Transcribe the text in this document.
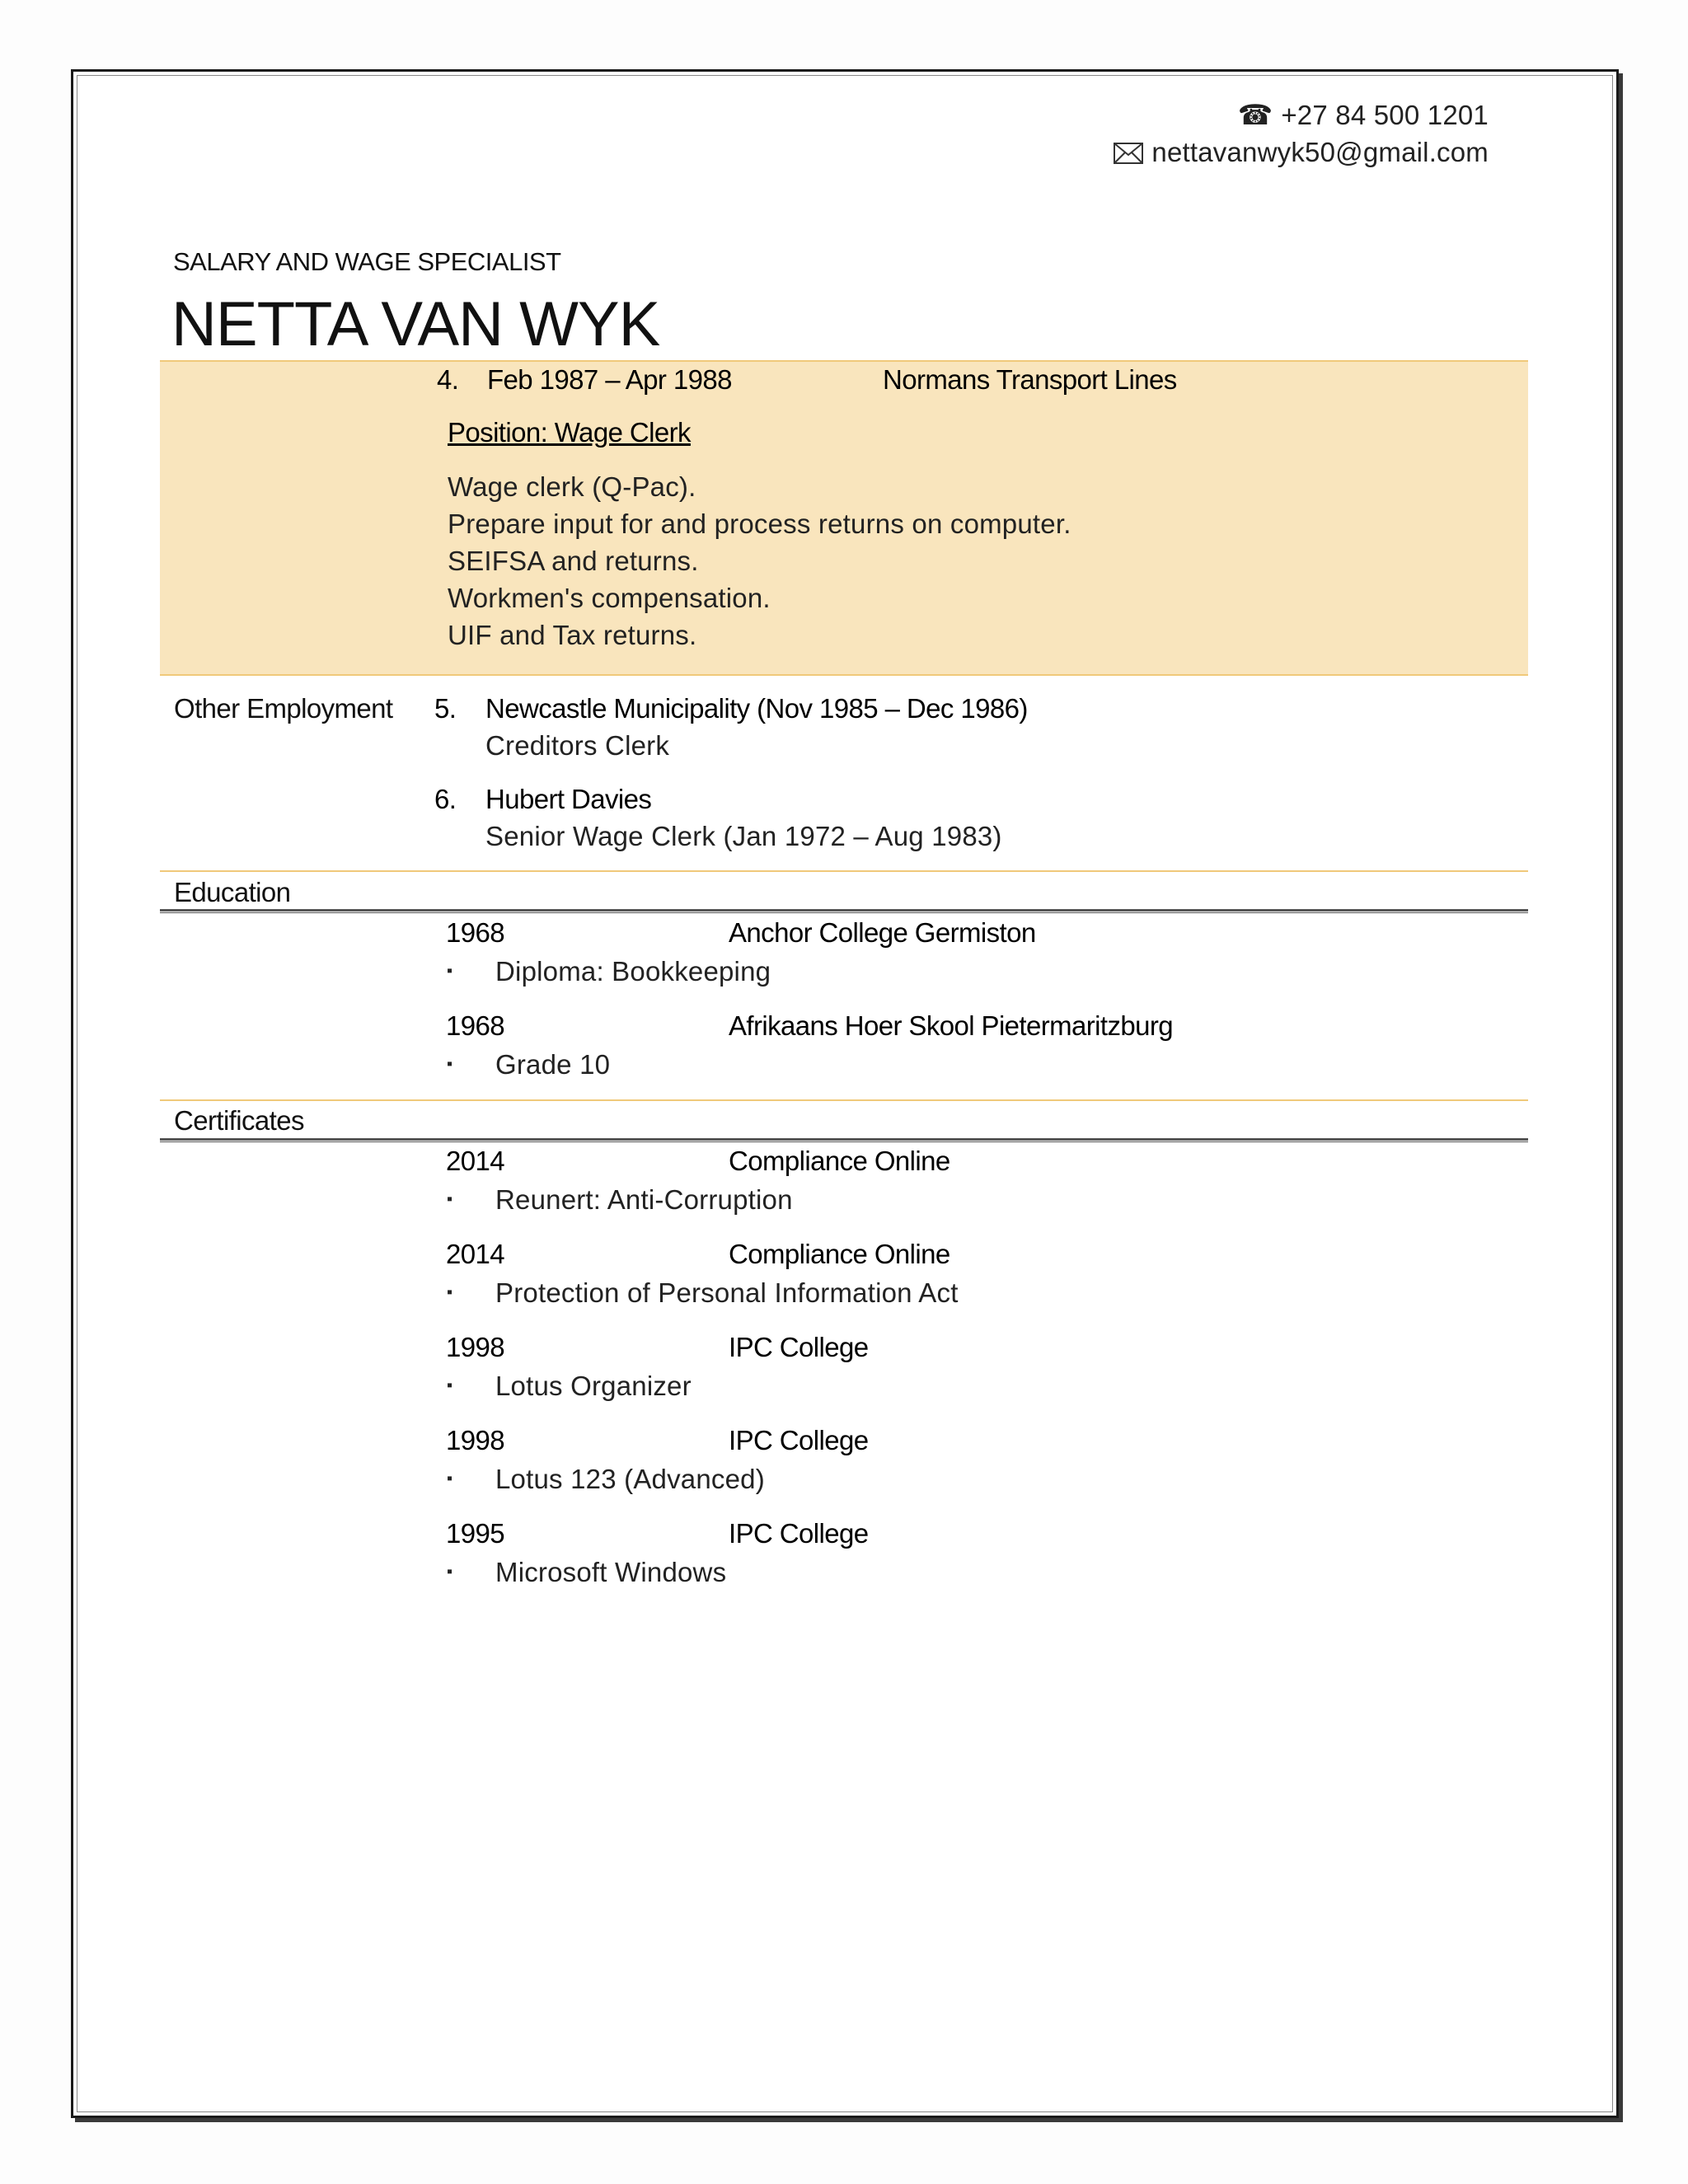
☎ +27 84 500 1201
nettavanwyk50@gmail.com
SALARY AND WAGE SPECIALIST
NETTA VAN WYK
4. Feb 1987 – Apr 1988	Normans Transport Lines
Position: Wage Clerk
Wage clerk (Q-Pac).
Prepare input for and process returns on computer.
SEIFSA and returns.
Workmen's compensation.
UIF and Tax returns.
Other Employment 5. Newcastle Municipality (Nov 1985 – Dec 1986)
Creditors Clerk
6. Hubert Davies
Senior Wage Clerk (Jan 1972 – Aug 1983)
Education
1968	Anchor College Germiston
▪ Diploma: Bookkeeping
1968	Afrikaans Hoer Skool Pietermaritzburg
▪ Grade 10
Certificates
2014	Compliance Online
▪ Reunert: Anti-Corruption
2014	Compliance Online
▪ Protection of Personal Information Act
1998	IPC College
▪ Lotus Organizer
1998	IPC College
▪ Lotus 123 (Advanced)
1995	IPC College
▪ Microsoft Windows
